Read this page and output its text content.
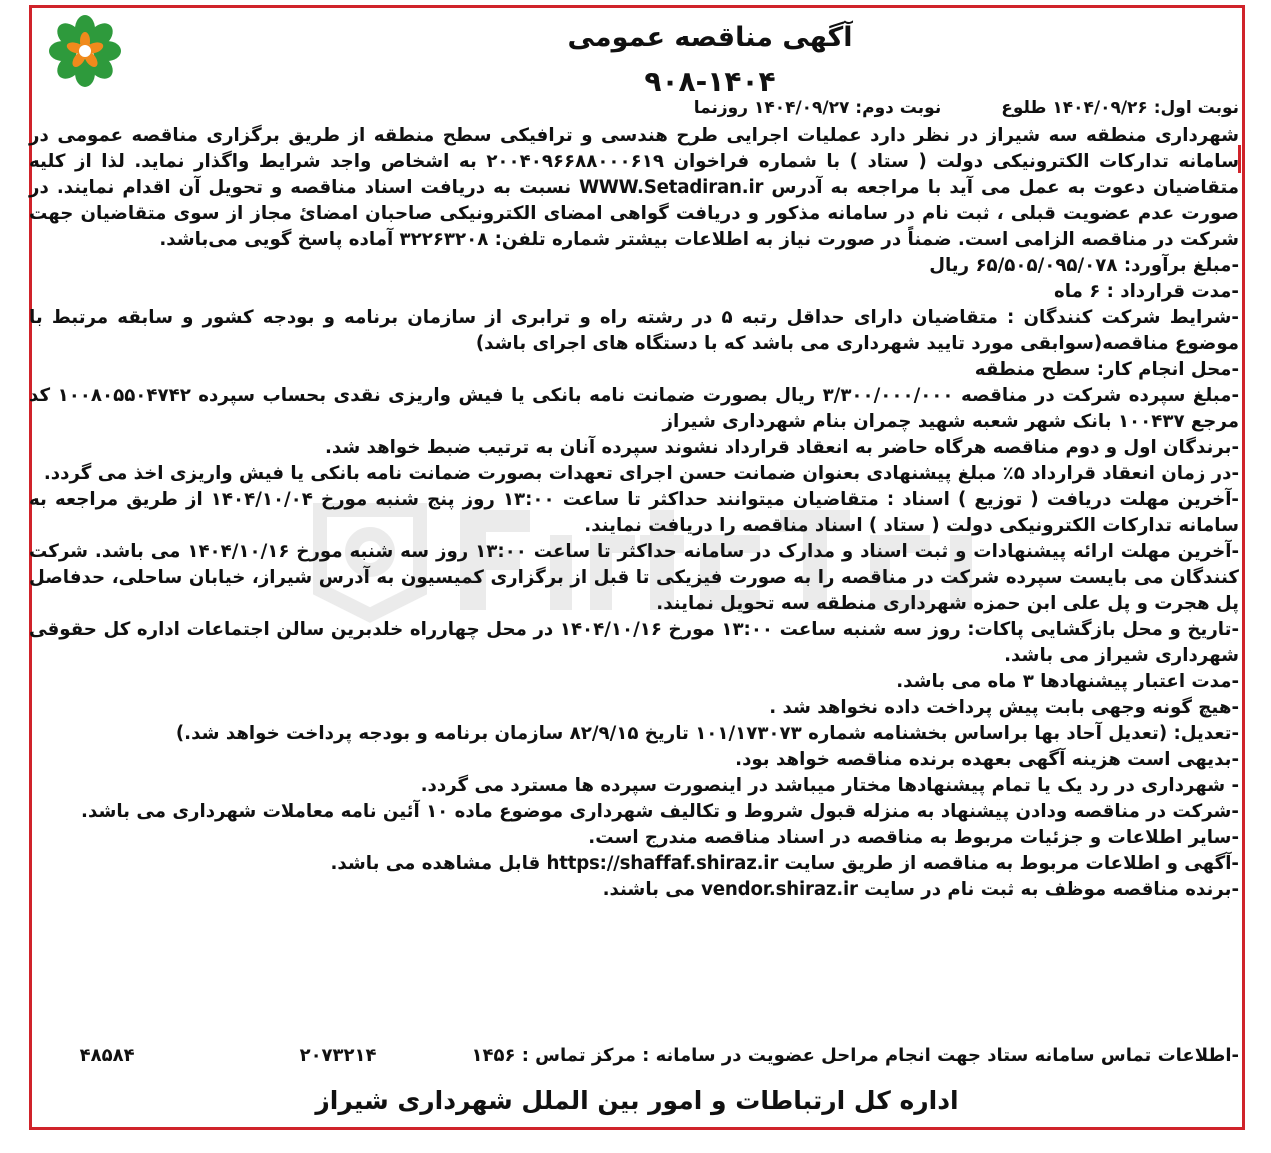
آگهی مناقصه عمومی
۹۰۸-۱۴۰۴
نوبت اول: ۱۴۰۴/۰۹/۲۶ طلوع
نوبت دوم: ۱۴۰۴/۰۹/۲۷ روزنما

شهرداری منطقه سه شیراز در نظر دارد عملیات اجرایی طرح هندسی و ترافیکی سطح منطقه از طریق برگزاری مناقصه عمومی در سامانه تدارکات الکترونیکی دولت ( ستاد ) با شماره فراخوان ۲۰۰۴۰۹۶۶۸۸۰۰۰۶۱۹ به اشخاص واجد شرایط واگذار نماید. لذا از کلیه متقاضیان دعوت به عمل می آید با مراجعه به آدرس WWW.Setadiran.ir نسبت به دریافت اسناد مناقصه و تحویل آن اقدام نمایند. در صورت عدم عضویت قبلی ، ثبت نام در سامانه مذکور و دریافت گواهی امضای الکترونیکی صاحبان امضائ مجاز از سوی متقاضیان جهت شرکت در مناقصه الزامی است. ضمناً در صورت نیاز به اطلاعات بیشتر شماره تلفن: ۳۲۲۶۳۲۰۸ آماده پاسخ گویی می‌باشد.

-مبلغ برآورد: ۶۵/۵۰۵/۰۹۵/۰۷۸ ریال

-مدت قرارداد : ۶ ماه

-شرایط شرکت کنندگان : متقاضیان دارای حداقل رتبه ۵ در رشته راه و ترابری از سازمان برنامه و بودجه کشور و سابقه مرتبط با موضوع مناقصه(سوابقی مورد تایید شهرداری می باشد که با دستگاه های اجرای باشد)

-محل انجام کار: سطح منطقه

-مبلغ سپرده شرکت در مناقصه ۳/۳۰۰/۰۰۰/۰۰۰ ریال بصورت ضمانت نامه بانکی یا فیش واریزی نقدی بحساب سپرده ۱۰۰۸۰۵۵۰۴۷۴۲ کد مرجع ۱۰۰۴۳۷ بانک شهر شعبه شهید چمران بنام شهرداری شیراز

-برندگان اول و دوم مناقصه هرگاه حاضر به انعقاد قرارداد نشوند سپرده آنان به ترتیب ضبط خواهد شد.

-در زمان انعقاد قرارداد ۵٪ مبلغ پیشنهادی بعنوان ضمانت حسن اجرای تعهدات بصورت ضمانت نامه بانکی یا فیش واریزی اخذ می گردد.

-آخرین مهلت دریافت ( توزیع ) اسناد : متقاضیان میتوانند حداکثر تا ساعت ۱۳:۰۰ روز پنج شنبه مورخ ۱۴۰۴/۱۰/۰۴ از طریق مراجعه به سامانه تدارکات الکترونیکی دولت ( ستاد ) اسناد مناقصه را دریافت نمایند.

-آخرین مهلت ارائه پیشنهادات و ثبت اسناد و مدارک در سامانه حداکثر تا ساعت ۱۳:۰۰ روز سه شنبه مورخ ۱۴۰۴/۱۰/۱۶ می باشد. شرکت کنندگان می بایست سپرده شرکت در مناقصه را به صورت فیزیکی تا قبل از برگزاری کمیسیون به آدرس شیراز، خیابان ساحلی، حدفاصل پل هجرت و پل علی ابن حمزه شهرداری منطقه سه تحویل نمایند.

-تاریخ و محل بازگشایی پاکات: روز سه شنبه ساعت ۱۳:۰۰ مورخ ۱۴۰۴/۱۰/۱۶ در محل چهارراه خلدبرین سالن اجتماعات اداره کل حقوقی شهرداری شیراز می باشد.

-مدت اعتبار پیشنهادها ۳ ماه می باشد.

-هیچ گونه وجهی بابت پیش پرداخت داده نخواهد شد .

-تعدیل: (تعدیل آحاد بها براساس بخشنامه شماره ۱۰۱/۱۷۳۰۷۳ تاریخ ۸۲/۹/۱۵ سازمان برنامه و بودجه پرداخت خواهد شد.)

-بدیهی است هزینه آگهی بعهده برنده مناقصه خواهد بود.

- شهرداری در رد یک یا تمام پیشنهادها مختار میباشد در اینصورت سپرده ها مسترد می گردد.

-شرکت در مناقصه ودادن پیشنهاد به منزله قبول شروط و تکالیف شهرداری موضوع ماده ۱۰ آئین نامه معاملات شهرداری می باشد.

-سایر اطلاعات و جزئیات مربوط به مناقصه در اسناد مناقصه مندرج است.

-آگهی و اطلاعات مربوط به مناقصه از طریق سایت https://shaffaf.shiraz.ir قابل مشاهده می باشد.

-برنده مناقصه موظف به ثبت نام در سایت vendor.shiraz.ir می باشند.

-اطلاعات تماس سامانه ستاد جهت انجام مراحل عضویت در سامانه : مرکز تماس : ۱۴۵۶
۲۰۷۳۲۱۴
۴۸۵۸۴
اداره کل ارتباطات و امور بین الملل شهرداری شیراز
